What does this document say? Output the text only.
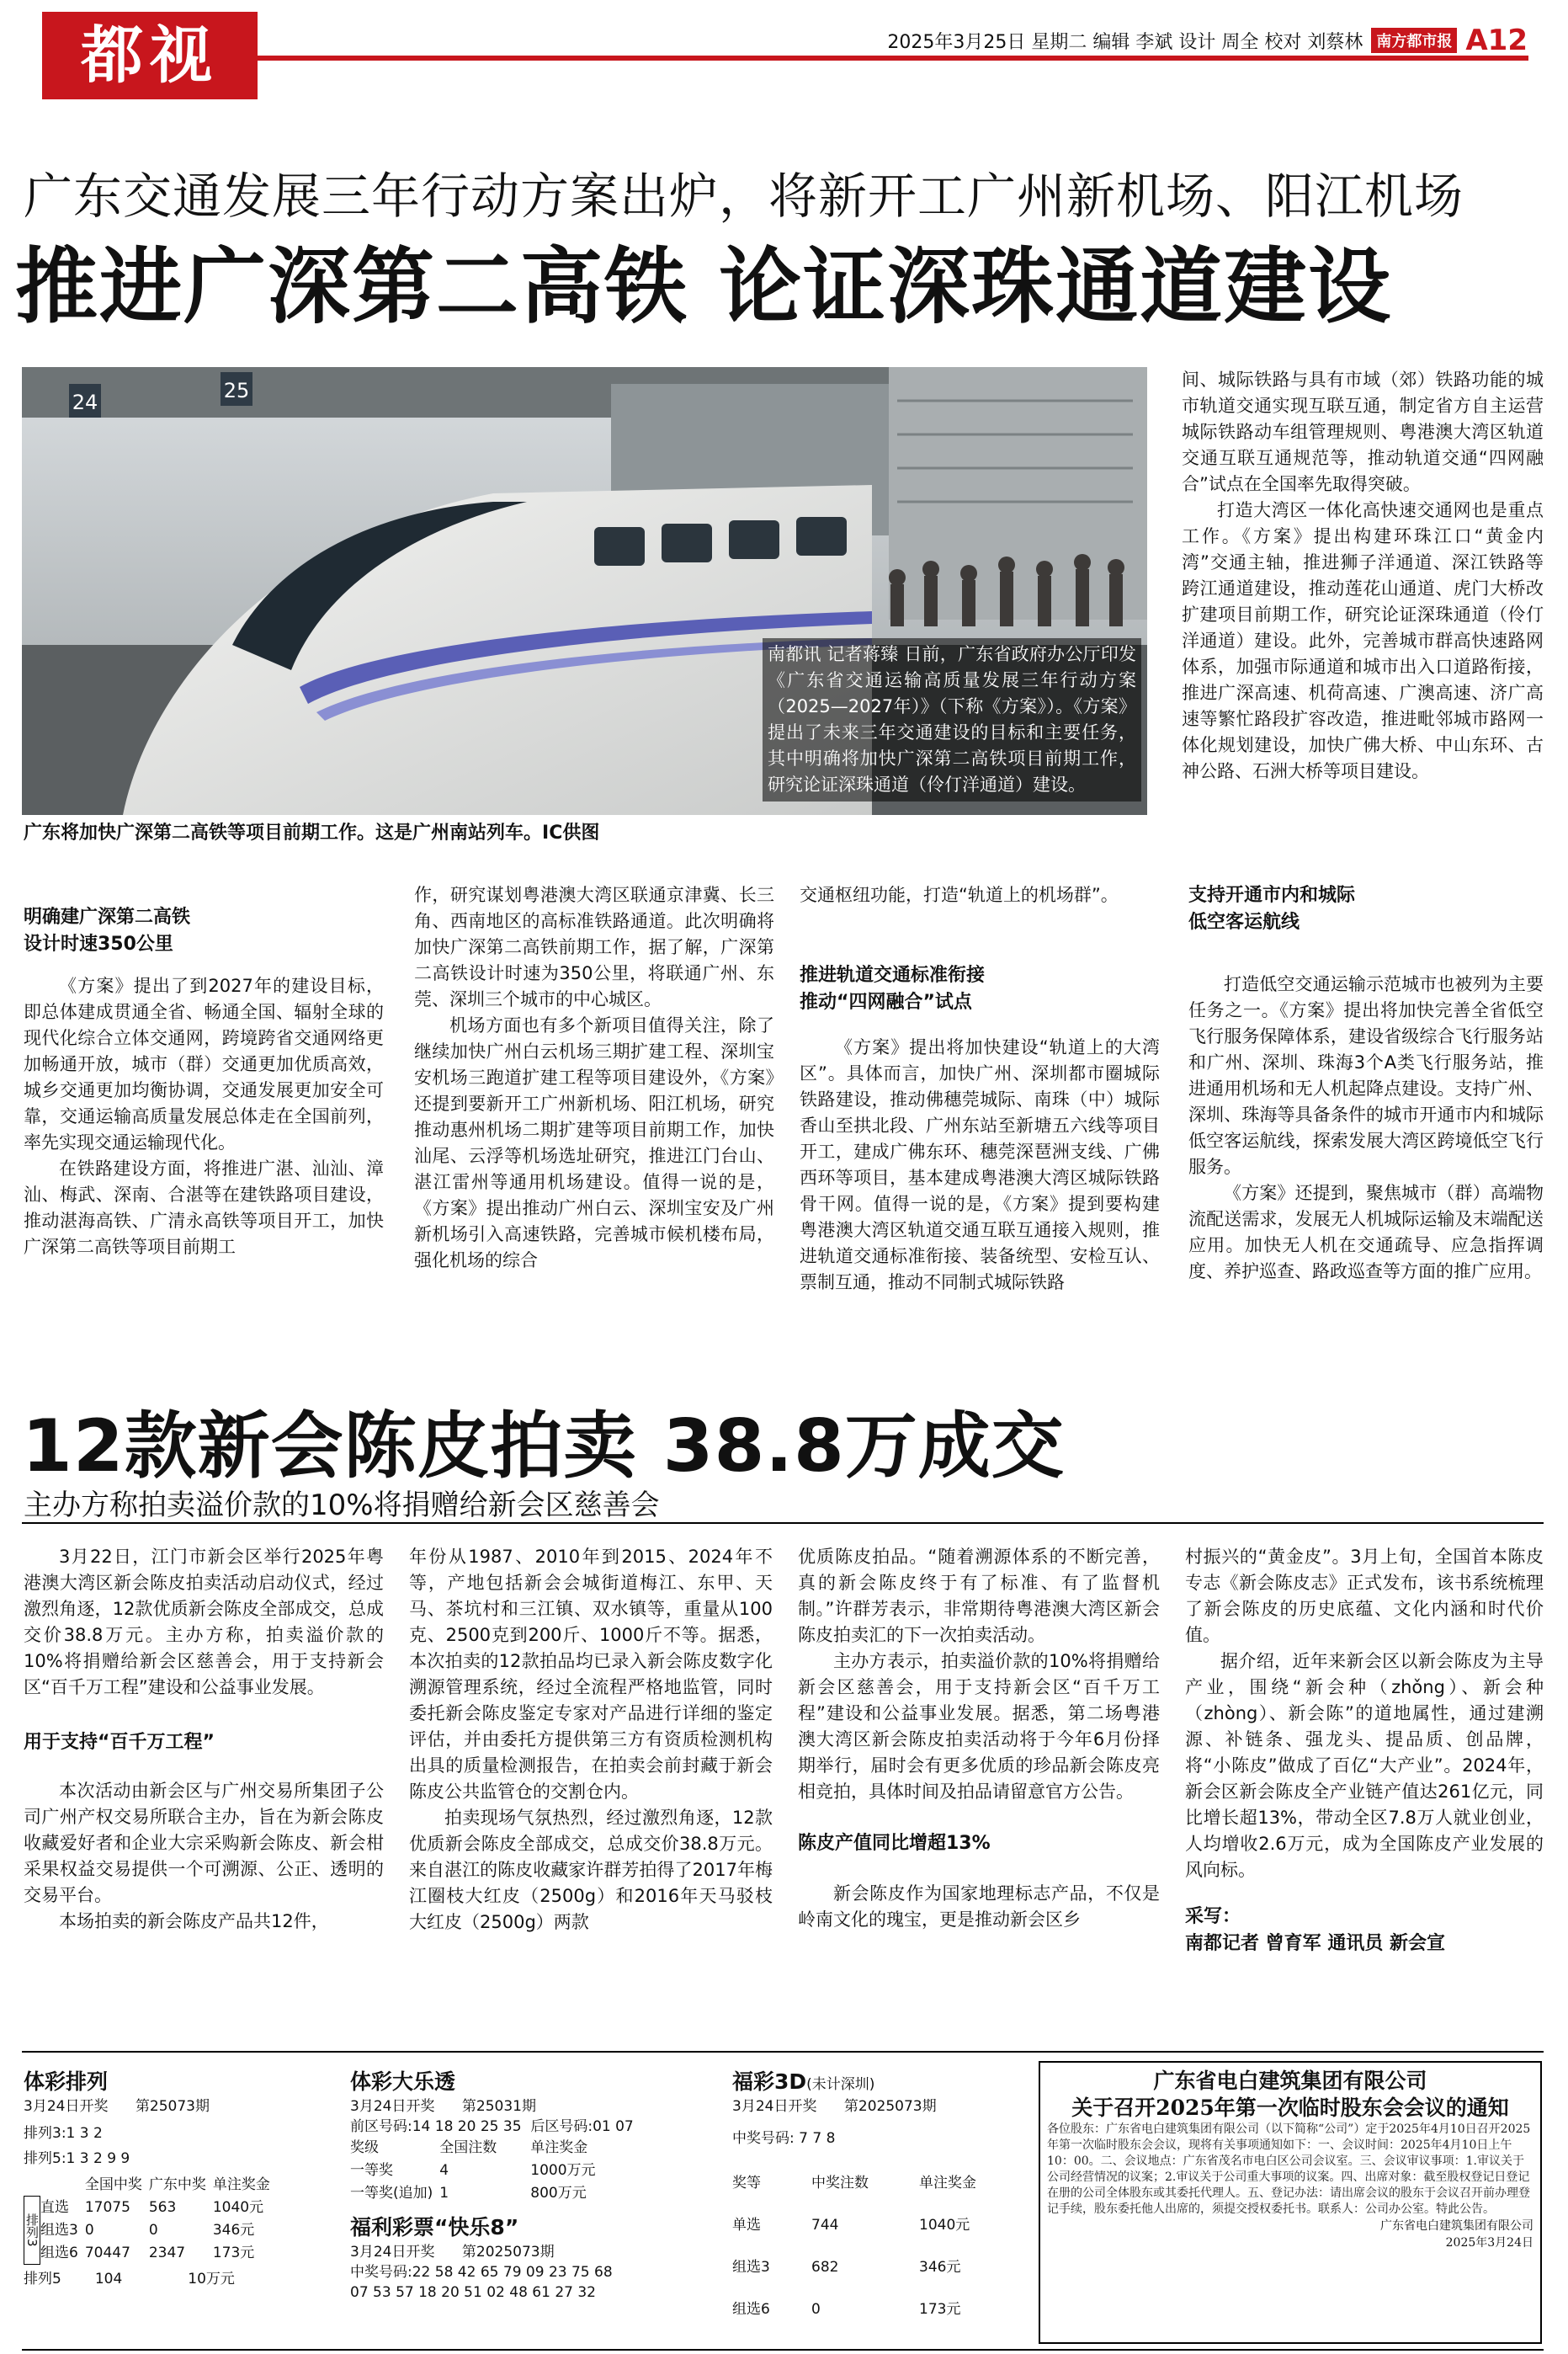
都视	2025年3月25日 星期二 编辑 李斌 设计 周全 校对 刘蔡林 南方都市报 A12
广东交通发展三年行动方案出炉，将新开工广州新机场、阳江机场
推进广深第二高铁 论证深珠通道建设
24	25
南都讯 记者蒋臻 日前，广东省政府办公厅印发《广东省交通运输高质量发展三年行动方案（2025—2027年）》（下称《方案》）。《方案》提出了未来三年交通建设的目标和主要任务，其中明确将加快广深第二高铁项目前期工作，研究论证深珠通道（伶仃洋通道）建设。
广东将加快广深第二高铁等项目前期工作。这是广州南站列车。IC供图

间、城际铁路与具有市域（郊）铁路功能的城市轨道交通实现互联互通，制定省方自主运营城际铁路动车组管理规则、粤港澳大湾区轨道交通互联互通规范等，推动轨道交通“四网融合”试点在全国率先取得突破。

打造大湾区一体化高快速交通网也是重点工作。《方案》提出构建环珠江口“黄金内湾”交通主轴，推进狮子洋通道、深江铁路等跨江通道建设，推动莲花山通道、虎门大桥改扩建项目前期工作，研究论证深珠通道（伶仃洋通道）建设。此外，完善城市群高快速路网体系，加强市际通道和城市出入口道路衔接，推进广深高速、机荷高速、广澳高速、济广高速等繁忙路段扩容改造，推进毗邻城市路网一体化规划建设，加快广佛大桥、中山东环、古神公路、石洲大桥等项目建设。

明确建广深第二高铁
设计时速350公里

《方案》提出了到2027年的建设目标，即总体建成贯通全省、畅通全国、辐射全球的现代化综合立体交通网，跨境跨省交通网络更加畅通开放，城市（群）交通更加优质高效，城乡交通更加均衡协调，交通发展更加安全可靠，交通运输高质量发展总体走在全国前列，率先实现交通运输现代化。

在铁路建设方面，将推进广湛、汕汕、漳汕、梅武、深南、合湛等在建铁路项目建设，推动湛海高铁、广清永高铁等项目开工，加快广深第二高铁等项目前期工

作，研究谋划粤港澳大湾区联通京津冀、长三角、西南地区的高标准铁路通道。此次明确将加快广深第二高铁前期工作，据了解，广深第二高铁设计时速为350公里，将联通广州、东莞、深圳三个城市的中心城区。

机场方面也有多个新项目值得关注，除了继续加快广州白云机场三期扩建工程、深圳宝安机场三跑道扩建工程等项目建设外，《方案》还提到要新开工广州新机场、阳江机场，研究推动惠州机场二期扩建等项目前期工作，加快汕尾、云浮等机场选址研究，推进江门台山、湛江雷州等通用机场建设。值得一说的是，《方案》提出推动广州白云、深圳宝安及广州新机场引入高速铁路，完善城市候机楼布局，强化机场的综合

交通枢纽功能，打造“轨道上的机场群”。

推进轨道交通标准衔接
推动“四网融合”试点

《方案》提出将加快建设“轨道上的大湾区”。具体而言，加快广州、深圳都市圈城际铁路建设，推动佛穗莞城际、南珠（中）城际香山至拱北段、广州东站至新塘五六线等项目开工，建成广佛东环、穗莞深琶洲支线、广佛西环等项目，基本建成粤港澳大湾区城际铁路骨干网。值得一说的是，《方案》提到要构建粤港澳大湾区轨道交通互联互通接入规则，推进轨道交通标准衔接、装备统型、安检互认、票制互通，推动不同制式城际铁路

支持开通市内和城际
低空客运航线

打造低空交通运输示范城市也被列为主要任务之一。《方案》提出将加快完善全省低空飞行服务保障体系，建设省级综合飞行服务站和广州、深圳、珠海3个A类飞行服务站，推进通用机场和无人机起降点建设。支持广州、深圳、珠海等具备条件的城市开通市内和城际低空客运航线，探索发展大湾区跨境低空飞行服务。

《方案》还提到，聚焦城市（群）高端物流配送需求，发展无人机城际运输及末端配送应用。加快无人机在交通疏导、应急指挥调度、养护巡查、路政巡查等方面的推广应用。

12款新会陈皮拍卖 38.8万成交
主办方称拍卖溢价款的10%将捐赠给新会区慈善会

3月22日，江门市新会区举行2025年粤港澳大湾区新会陈皮拍卖活动启动仪式，经过激烈角逐，12款优质新会陈皮全部成交，总成交价38.8万元。主办方称，拍卖溢价款的10%将捐赠给新会区慈善会，用于支持新会区“百千万工程”建设和公益事业发展。

用于支持“百千万工程”

本次活动由新会区与广州交易所集团子公司广州产权交易所联合主办，旨在为新会陈皮收藏爱好者和企业大宗采购新会陈皮、新会柑采果权益交易提供一个可溯源、公正、透明的交易平台。

本场拍卖的新会陈皮产品共12件，

年份从1987、2010年到2015、2024年不等，产地包括新会会城街道梅江、东甲、天马、茶坑村和三江镇、双水镇等，重量从100克、2500克到200斤、1000斤不等。据悉，本次拍卖的12款拍品均已录入新会陈皮数字化溯源管理系统，经过全流程严格地监管，同时委托新会陈皮鉴定专家对产品进行详细的鉴定评估，并由委托方提供第三方有资质检测机构出具的质量检测报告，在拍卖会前封藏于新会陈皮公共监管仓的交割仓内。

拍卖现场气氛热烈，经过激烈角逐，12款优质新会陈皮全部成交，总成交价38.8万元。来自湛江的陈皮收藏家许群芳拍得了2017年梅江圈枝大红皮（2500g）和2016年天马驳枝大红皮（2500g）两款

优质陈皮拍品。“随着溯源体系的不断完善，真的新会陈皮终于有了标准、有了监督机制。”许群芳表示，非常期待粤港澳大湾区新会陈皮拍卖汇的下一次拍卖活动。

主办方表示，拍卖溢价款的10%将捐赠给新会区慈善会，用于支持新会区“百千万工程”建设和公益事业发展。据悉，第二场粤港澳大湾区新会陈皮拍卖活动将于今年6月份择期举行，届时会有更多优质的珍品新会陈皮亮相竞拍，具体时间及拍品请留意官方公告。

陈皮产值同比增超13%

新会陈皮作为国家地理标志产品，不仅是岭南文化的瑰宝，更是推动新会区乡

村振兴的“黄金皮”。3月上旬，全国首本陈皮专志《新会陈皮志》正式发布，该书系统梳理了新会陈皮的历史底蕴、文化内涵和时代价值。

据介绍，近年来新会区以新会陈皮为主导产业，围绕“新会种（zhǒng）、新会种（zhòng）、新会陈”的道地属性，通过建溯源、补链条、强龙头、提品质、创品牌，将“小陈皮”做成了百亿“大产业”。2024年，新会区新会陈皮全产业链产值达261亿元，同比增长超13%，带动全区7.8万人就业创业，人均增收2.6万元，成为全国陈皮产业发展的风向标。

采写：
南都记者 曾育军 通讯员 新会宣
体彩排列
3月24日开奖 第25073期
排列3:1 3 2
排列5:1 3 2 9 9
排列3
	全国中奖	广东中奖	单注奖金
直选	17075	563	1040元
组选3	0	0	346元
组选6	70447	2347	173元
排列5	104		10万元
体彩大乐透
3月24日开奖 第25031期
前区号码:14 18 20 25 35 后区号码:01 07
奖级	全国注数	单注奖金
一等奖	4	1000万元
一等奖(追加)	1	800万元
福利彩票“快乐8”
3月24日开奖 第2025073期
中奖号码:22 58 42 65 79 09 23 75 68
07 53 57 18 20 51 02 48 61 27 32
福彩3D(未计深圳)
3月24日开奖 第2025073期
中奖号码: 7 7 8
奖等	中奖注数	单注奖金
单选	744	1040元
组选3	682	346元
组选6	0	173元
广东省电白建筑集团有限公司
关于召开2025年第一次临时股东会会议的通知
各位股东：广东省电白建筑集团有限公司（以下简称“公司”）定于2025年4月10日召开2025年第一次临时股东会会议，现将有关事项通知如下：一、会议时间：2025年4月10日上午10：00。二、会议地点：广东省茂名市电白区公司会议室。三、会议审议事项：1.审议关于公司经营情况的议案；2.审议关于公司重大事项的议案。四、出席对象：截至股权登记日登记在册的公司全体股东或其委托代理人。五、登记办法：请出席会议的股东于会议召开前办理登记手续，股东委托他人出席的，须提交授权委托书。联系人：公司办公室。特此公告。
广东省电白建筑集团有限公司
2025年3月24日
